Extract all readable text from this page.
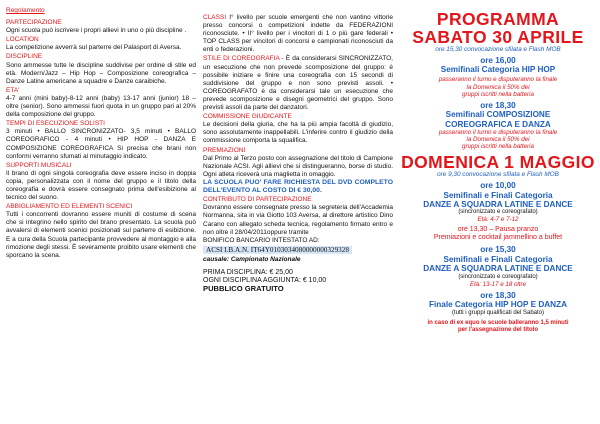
Regolamento

PARTECIPAZIONE

Ogni scuola può iscrivere i propri allievi in uno o più discipline .

LOCATION

La competizione avverrà sul parterre del Palasport di Aversa.

DISCIPLINE

Sono ammesse tutte le discipline suddivise per ordine di stile ed età. Modern/Jazz – Hip Hop – Composizione coreografica – Danze Latine americane a squadre e Danze caraibiche.

ETA'

4-7 anni (mini baby)-8-12 anni (baby) 13-17 anni (junior) 18 – oltre (senior). Sono ammessi fuori quota in un gruppo pari al 20% della composizione del gruppo.

TEMPI DI ESECUZIONE SOLISTI

3 minuti • BALLO SINCRONIZZATO- 3,5 minuti • BALLO COREOGRAFICO - 4 minuti • HIP HOP - DANZA E COMPOSIZIONE COREOGRAFICA Si precisa che brani non conformi verranno sfumati al minutaggio indicato.

SUPPORTI MUSICALI

Il brano di ogni singola coreografia deve essere inciso in doppia copia, personalizzata con il nome del gruppo e il titolo della coreografia e dovrà essere consegnato prima dell'esibizione al tecnico del suono.

ABBIGLIAMENTO ED ELEMENTI SCENICI

Tutti i concorrenti dovranno essere muniti di costume di scena che si integrino nello spirito del brano presentato. La scuola può avvalersi di elementi scenici posizionati sul parterre di esibizione. E a cura della Scuola partecipante provvedere al montaggio e alla rimozione degli stessi. È severamente proibito usare elementi che sporcano la scena.

CLASSI I° livello per scuole emergenti che non vantino vittorie presso concorsi o competizioni indette da FEDERAZIONI riconosciute. • II° livello per i vincitori di 1 o più gare federali • TOP CLASS per vincitori di concorsi e campionati riconosciuti da enti o federazioni.

STILE DI COREOGRAFIA - È da considerarsi SINCRONIZZATO, un esecuzione che non prevede scomposizione del gruppo: è possibile iniziare e finire una coreografia con 15 secondi di suddivisione del gruppo e non sono previsti assoli. • COREOGRAFATO è da considerarsi tale un esecuzione che prevede scomposizione e disegni geometrici del gruppo. Sono previsti assoli da parte dei danzatori.

COMMISSIONE GIUDICANTE

Le decisioni della giuria, che ha la più ampia facoltà di giudizio, sono assolutamente inappellabili. L'inferire contro il giudizio della commissione comporta la squalifica.

PREMIAZIONI

Dal Primo al Terzo posto con assegnazione del titolo di Campione Nazionale ACSI. Agli allievi che si distingueranno, borse di studio. Ogni atleta riceverà una maglietta in omaggio.

LA SCUOLA PUO' FARE RICHIESTA DEL DVD COMPLETO DELL'EVENTO AL COSTO DI € 30,00.

CONTRIBUTO DI PARTECIPAZIONE

Dovranno essere consegnate presso la segreteria dell'Accademia Normanna, sita in via Giotto 103 Aversa, al direttore artistico Dino Carano con allegato scheda tecnica, regolamento firmato entro e non oltre il 28/04/2011oppure tramite

BONIFICO BANCARIO INTESTATO AD:

ACSI I.B.A.N. IT64Y0103034080000000329328

causale: Campionato Nazionale

PRIMA DISCIPLINA: € 25,00

OGNI DISCIPLINA AGGIUNTA: € 10,00

PUBBLICO GRATUITO

PROGRAMMA
SABATO 30 APRILE
ore 15,30 convocazione sfilata e Flash MOB
ore 16,00
Semifinali Categoria HIP HOP
passeranno il turno e disputeranno la finale
la Domenica il 50% dei
gruppi iscritti nella batteria
ore 18,30
Semifinali COMPOSIZIONE
COREOGRAFICA E DANZA
passeranno il turno e disputeranno la finale
la Domenica il 50% dei
gruppi iscritti nella batteria
DOMENICA 1 MAGGIO
ore 9,30 convocazione sfilata e Flash MOB
ore 10,00
Semifinali e Finali Categoria
DANZE A SQUADRA LATINE E DANCE
(sincronizzato e coreografato)
Età: 4-7 e 7-12
ore 13,30 – Pausa pranzo
Premiazioni e cocktail jammellino a buffet
ore 15,30
Semifinali e Finali Categoria
DANZE A SQUADRA LATINE E DANCE
(sincronizzato e coreografato)
Età: 13-17 e 18 oltre
ore 18,30
Finale Categoria HIP HOP E DANZA
(tutti i gruppi qualificati del Sabato)
in caso di ex equo le scuole balleranno 1,5 minuti
per l'assegnazione del titolo
